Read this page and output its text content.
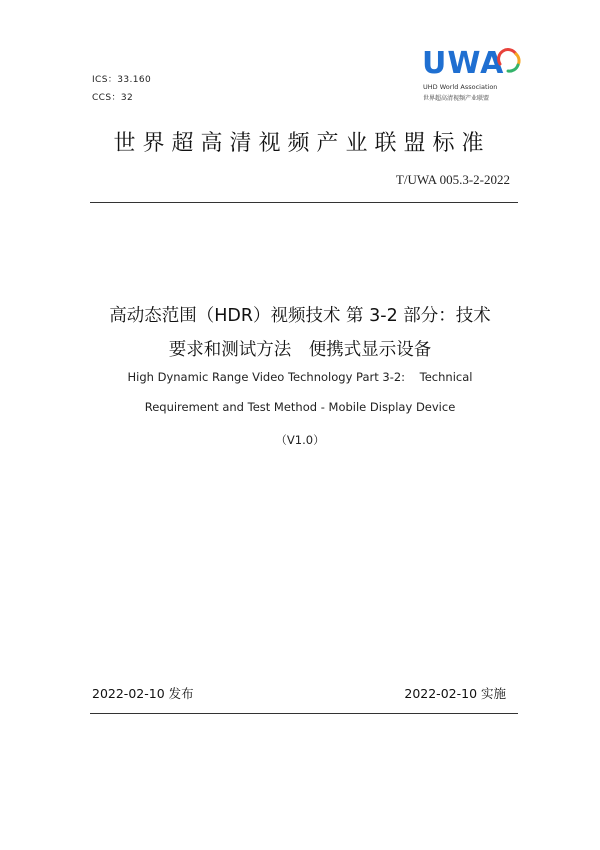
ICS：33.160
CCS：32
UWA
UHD World Association
世界超高清视频产业联盟
世界超高清视频产业联盟标准
T/UWA 005.3-2-2022
高动态范围（HDR）视频技术 第 3-2 部分：技术
要求和测试方法　便携式显示设备
High Dynamic Range Video Technology Part 3-2:    Technical
Requirement and Test Method - Mobile Display Device
（V1.0）
2022-02-10 发布	2022-02-10 实施
